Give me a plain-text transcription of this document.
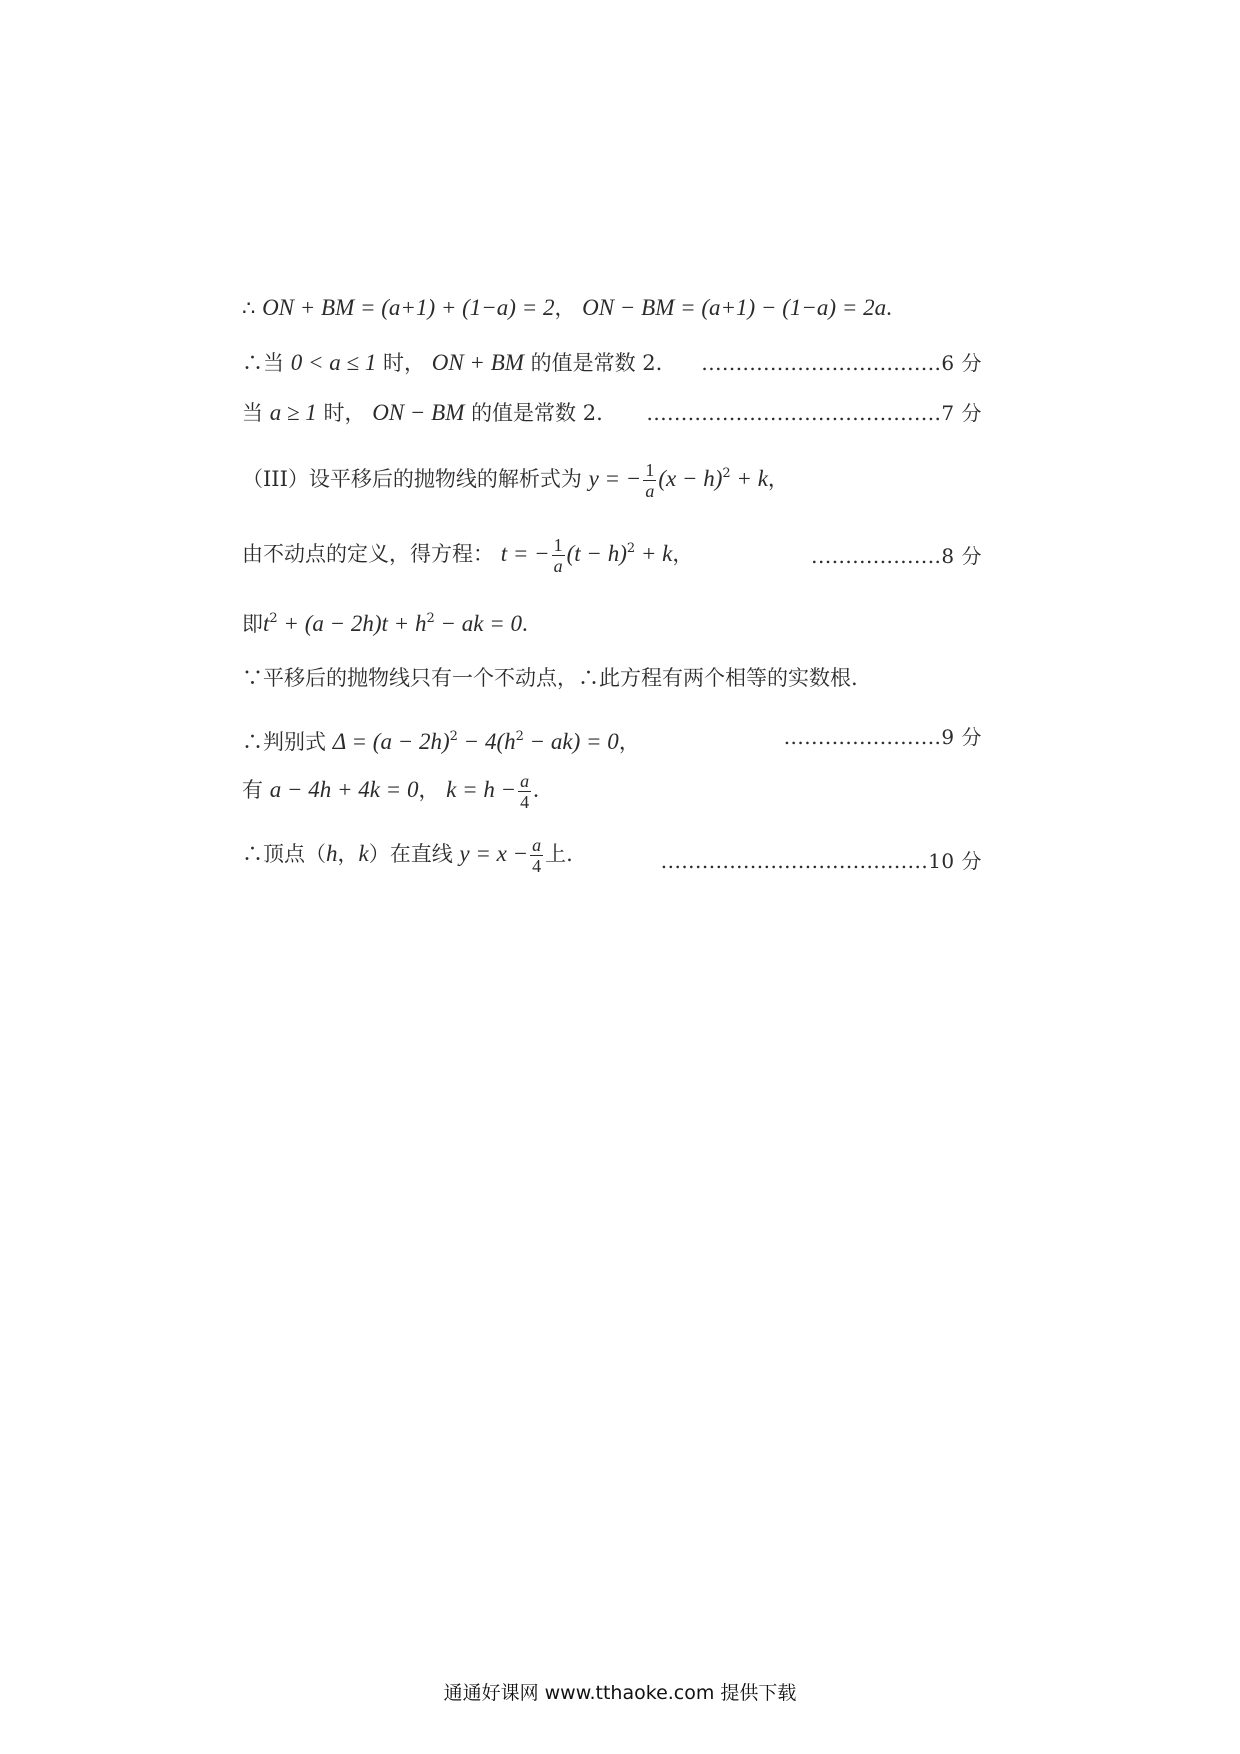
∴ ON + BM = (a+1) + (1−a) = 2， ON − BM = (a+1) − (1−a) = 2a.
∴当 0 < a ≤ 1 时， ON + BM 的值是常数 2. ...................................6 分
当 a ≥ 1 时， ON − BM 的值是常数 2. ...........................................7 分
（III）设平移后的抛物线的解析式为 y = − $\frac{1}{a} (x - h)^2 + k$，
由不动点的定义，得方程： t = − $\frac{1}{a} (t - h)^2 + k$，	...................8 分
即$t^2 + (a - 2h)t + h^2$ − ak = 0.
∵平移后的抛物线只有一个不动点，∴此方程有两个相等的实数根.
∴判别式 $\Delta = (a - 2h)^2 - 4(h^2 - ak) = 0$，	.......................9 分
有 a − 4h + 4k = 0， $k = h - \frac{a}{4}$ .
∴顶点（h，k）在直线 $y = x - \frac{a}{4}$ 上.	.......................................10 分
通通好课网 www.tthaoke.com 提供下载
